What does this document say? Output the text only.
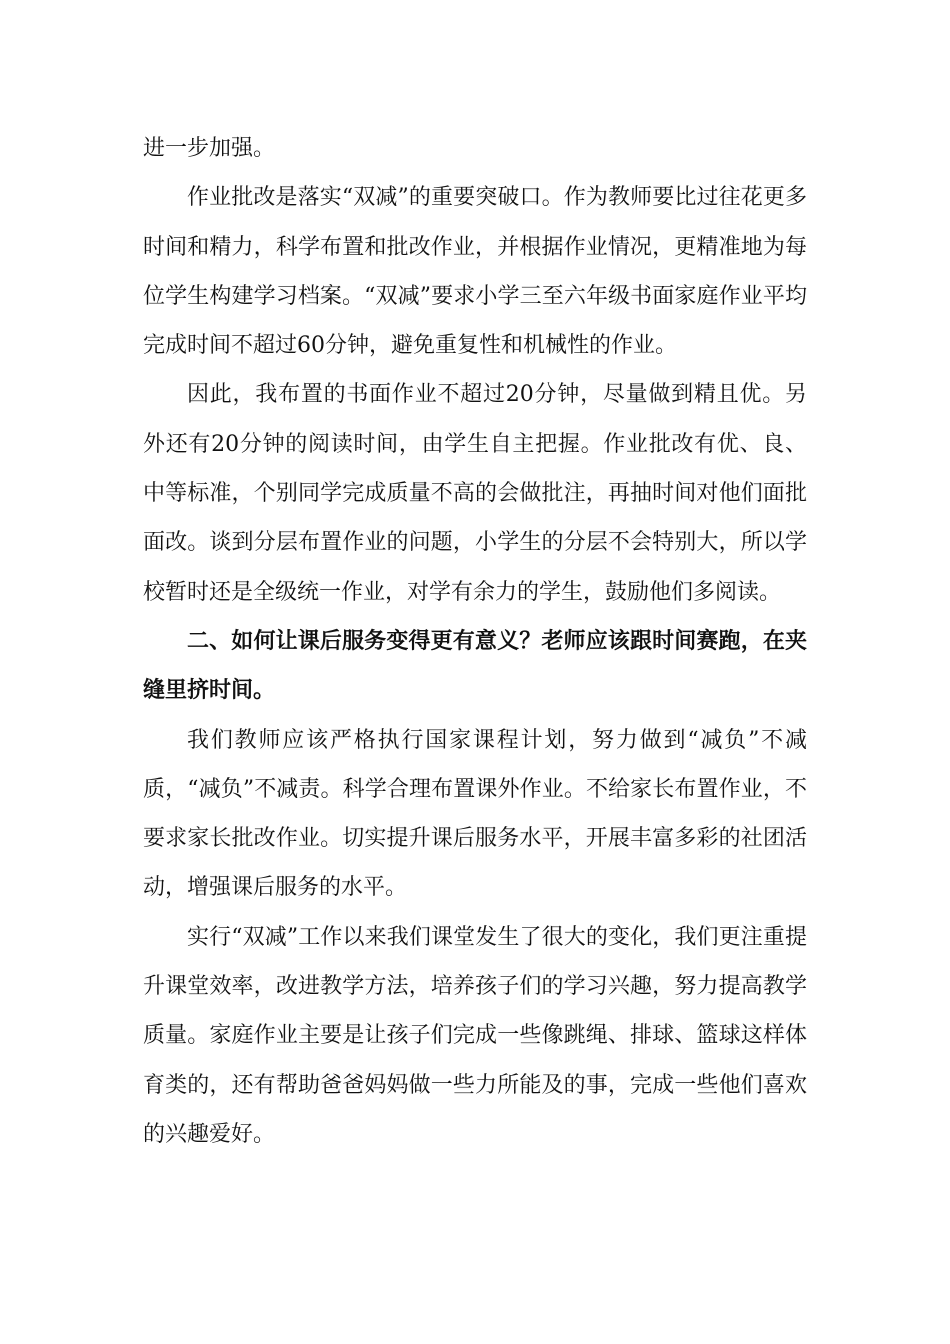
进一步加强。

作业批改是落实“双减”的重要突破口。作为教师要比过往花更多时间和精力，科学布置和批改作业，并根据作业情况，更精准地为每位学生构建学习档案。“双减”要求小学三至六年级书面家庭作业平均完成时间不超过60分钟，避免重复性和机械性的作业。

因此，我布置的书面作业不超过20分钟，尽量做到精且优。另外还有20分钟的阅读时间，由学生自主把握。作业批改有优、良、中等标准，个别同学完成质量不高的会做批注，再抽时间对他们面批面改。谈到分层布置作业的问题，小学生的分层不会特别大，所以学校暂时还是全级统一作业，对学有余力的学生，鼓励他们多阅读。

二、如何让课后服务变得更有意义？老师应该跟时间赛跑，在夹缝里挤时间。

我们教师应该严格执行国家课程计划，努力做到“减负”不减质，“减负”不减责。科学合理布置课外作业。不给家长布置作业，不要求家长批改作业。切实提升课后服务水平，开展丰富多彩的社团活动，增强课后服务的水平。

实行“双减”工作以来我们课堂发生了很大的变化，我们更注重提升课堂效率，改进教学方法，培养孩子们的学习兴趣，努力提高教学质量。家庭作业主要是让孩子们完成一些像跳绳、排球、篮球这样体育类的，还有帮助爸爸妈妈做一些力所能及的事，完成一些他们喜欢的兴趣爱好。
